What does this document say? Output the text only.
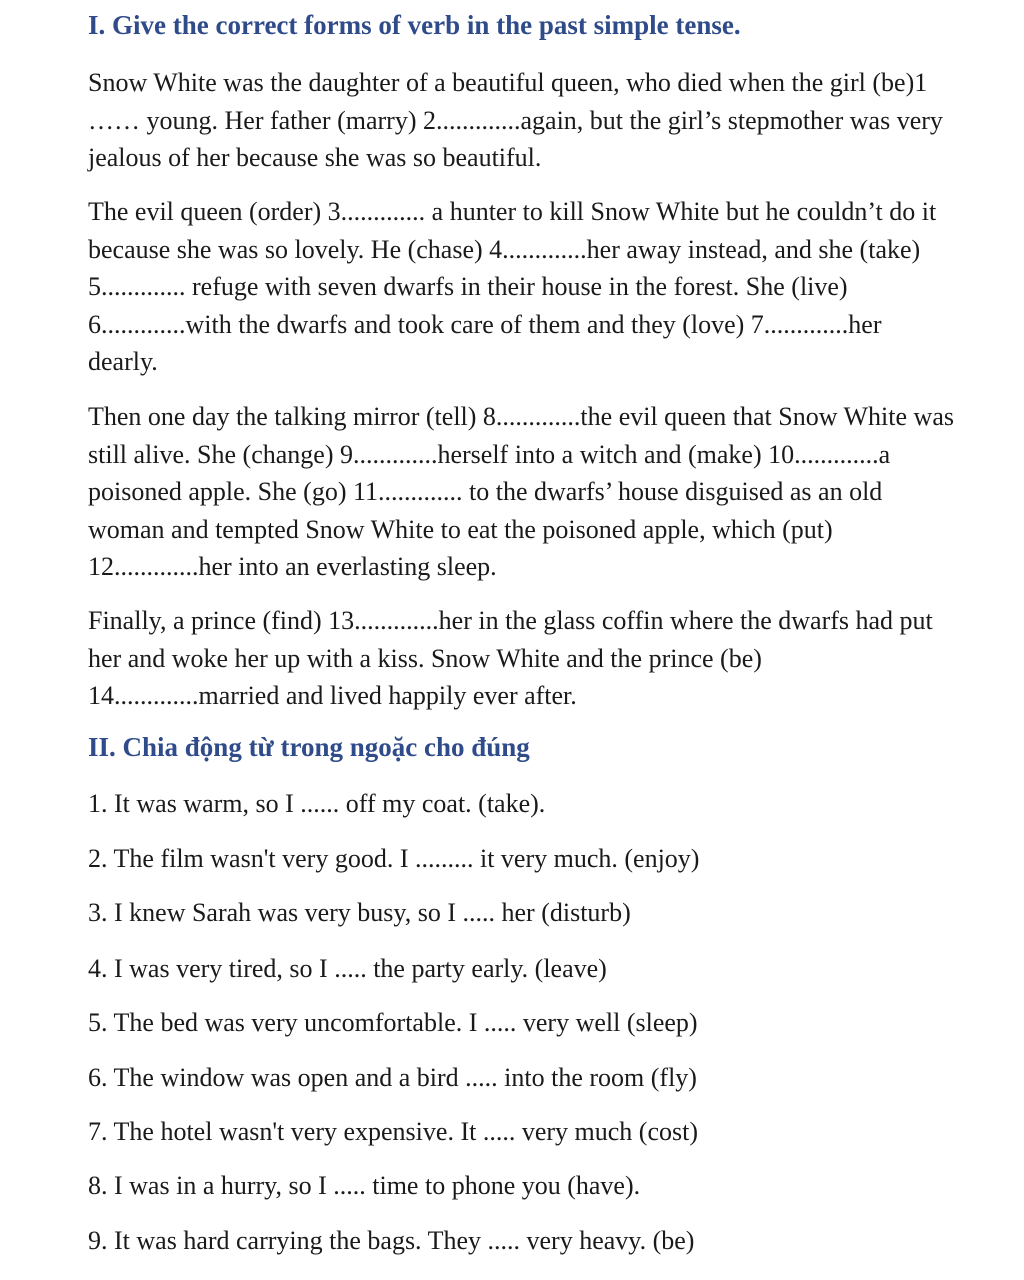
I. Give the correct forms of verb in the past simple tense.

Snow White was the daughter of a beautiful queen, who died when the girl (be)1
…… young. Her father (marry) 2.............again, but the girl’s stepmother was very
jealous of her because she was so beautiful.

The evil queen (order) 3............. a hunter to kill Snow White but he couldn’t do it
because she was so lovely. He (chase) 4.............her away instead, and she (take)
5............. refuge with seven dwarfs in their house in the forest. She (live)
6.............with the dwarfs and took care of them and they (love) 7.............her
dearly.

Then one day the talking mirror (tell) 8.............the evil queen that Snow White was
still alive. She (change) 9.............herself into a witch and (make) 10.............a
poisoned apple. She (go) 11............. to the dwarfs’ house disguised as an old
woman and tempted Snow White to eat the poisoned apple, which (put)
12.............her into an everlasting sleep.

Finally, a prince (find) 13.............her in the glass coffin where the dwarfs had put
her and woke her up with a kiss. Snow White and the prince (be)
14.............married and lived happily ever after.

II. Chia động từ trong ngoặc cho đúng

1. It was warm, so I ...... off my coat. (take).

2. The film wasn't very good. I ......... it very much. (enjoy)

3. I knew Sarah was very busy, so I ..... her (disturb)

4. I was very tired, so I ..... the party early. (leave)

5. The bed was very uncomfortable. I ..... very well (sleep)

6. The window was open and a bird ..... into the room (fly)

7. The hotel wasn't very expensive. It ..... very much (cost)

8. I was in a hurry, so I ..... time to phone you (have).

9. It was hard carrying the bags. They ..... very heavy. (be)
